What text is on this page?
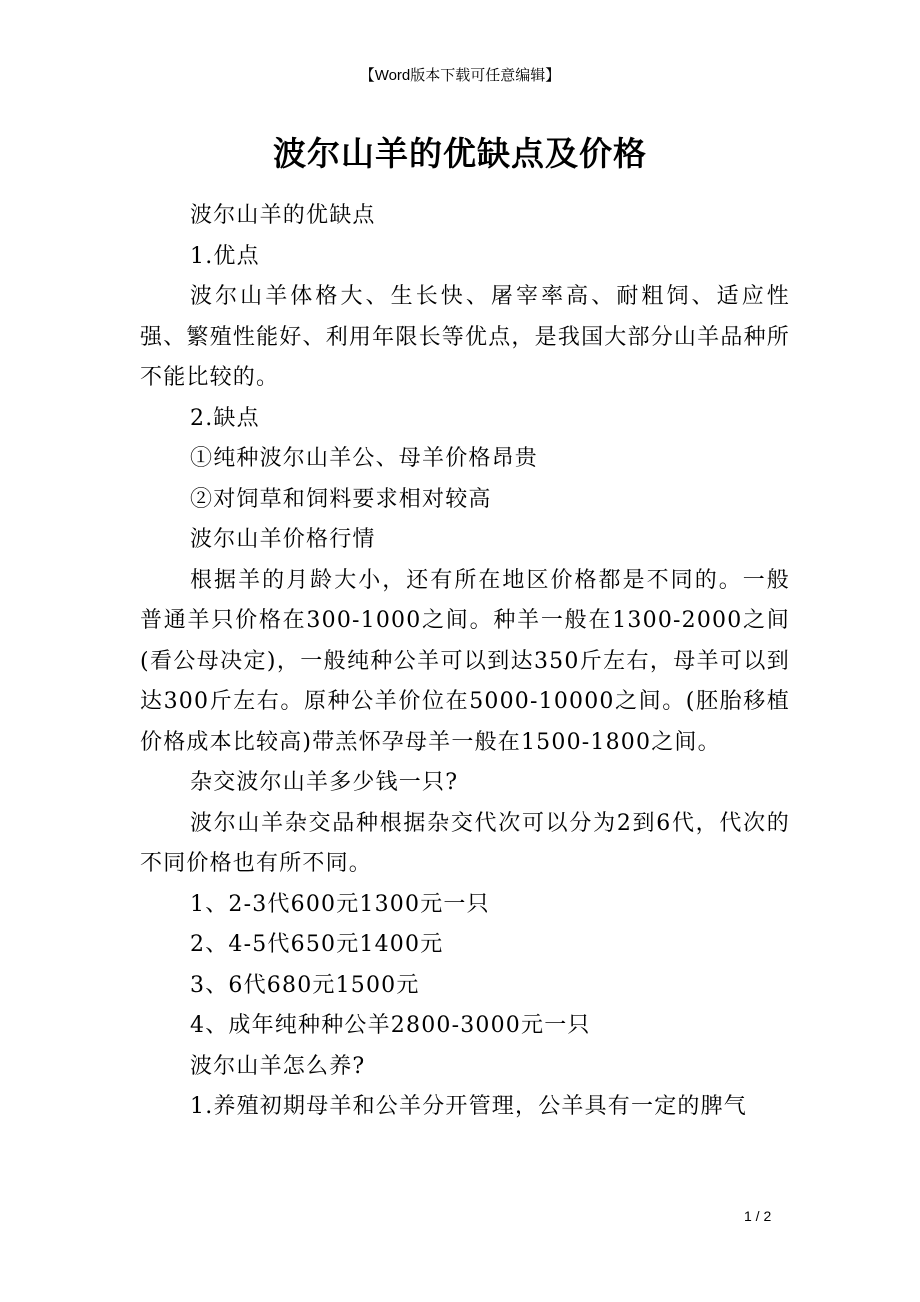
【Word版本下载可任意编辑】
波尔山羊的优缺点及价格

波尔山羊的优缺点

1.优点

波尔山羊体格大、生长快、屠宰率高、耐粗饲、适应性强、繁殖性能好、利用年限长等优点，是我国大部分山羊品种所不能比较的。

2.缺点

①纯种波尔山羊公、母羊价格昂贵

②对饲草和饲料要求相对较高

波尔山羊价格行情

根据羊的月龄大小，还有所在地区价格都是不同的。一般普通羊只价格在300-1000之间。种羊一般在1300-2000之间(看公母决定)，一般纯种公羊可以到达350斤左右，母羊可以到达300斤左右。原种公羊价位在5000-10000之间。(胚胎移植价格成本比较高)带羔怀孕母羊一般在1500-1800之间。

杂交波尔山羊多少钱一只?

波尔山羊杂交品种根据杂交代次可以分为2到6代，代次的不同价格也有所不同。

1、2-3代600元1300元一只

2、4-5代650元1400元

3、6代680元1500元

4、成年纯种种公羊2800-3000元一只

波尔山羊怎么养?

1.养殖初期母羊和公羊分开管理，公羊具有一定的脾气

1 / 2
